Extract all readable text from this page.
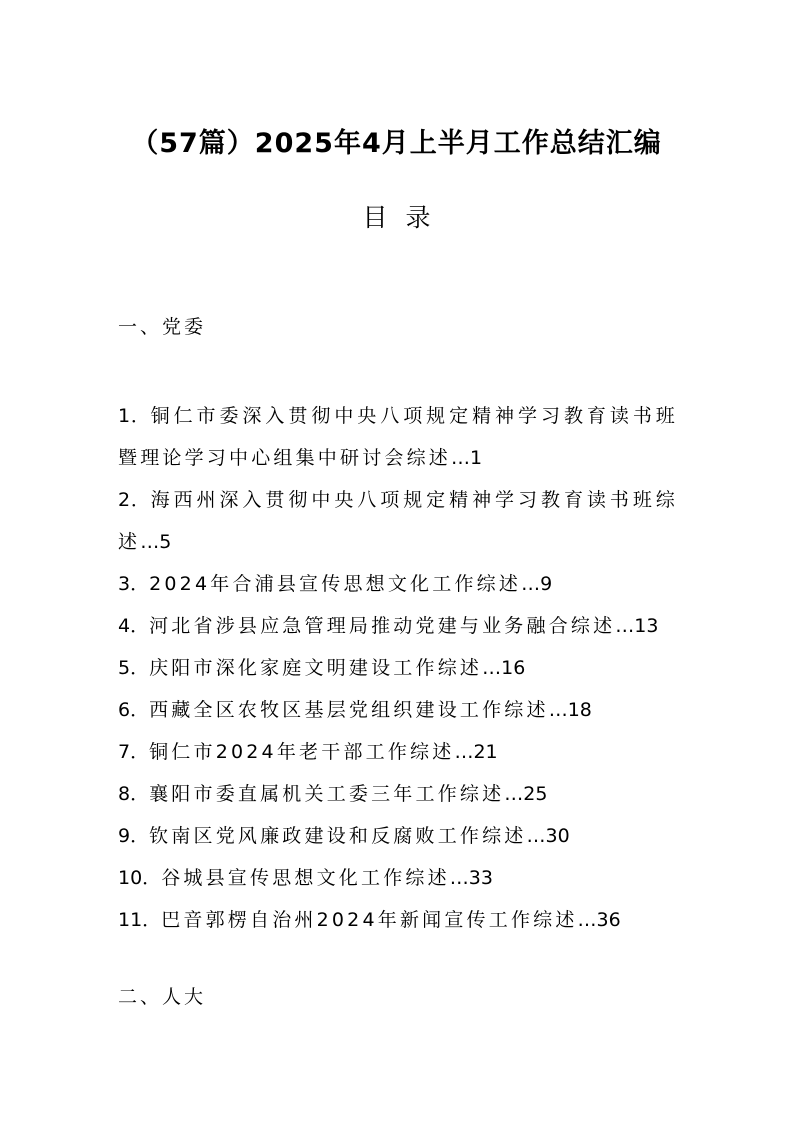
（57篇）2025年4月上半月工作总结汇编
目录
一、党委
1．铜仁市委深入贯彻中央八项规定精神学习教育读书班暨理论学习中心组集中研讨会综述…1
2．海西州深入贯彻中央八项规定精神学习教育读书班综述…5
3．2024年合浦县宣传思想文化工作综述…9
4．河北省涉县应急管理局推动党建与业务融合综述…13
5．庆阳市深化家庭文明建设工作综述…16
6．西藏全区农牧区基层党组织建设工作综述…18
7．铜仁市2024年老干部工作综述…21
8．襄阳市委直属机关工委三年工作综述…25
9．钦南区党风廉政建设和反腐败工作综述…30
10．谷城县宣传思想文化工作综述…33
11．巴音郭楞自治州2024年新闻宣传工作综述…36
二、人大
